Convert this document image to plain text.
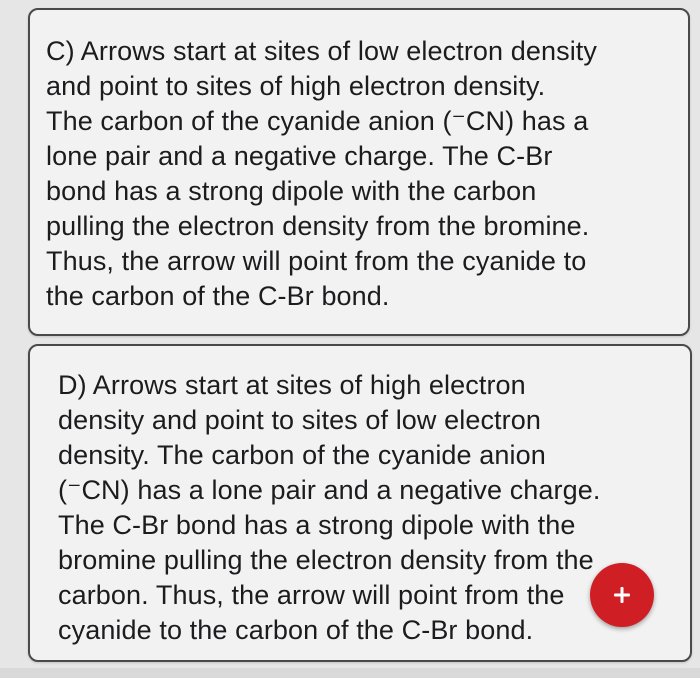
C) Arrows start at sites of low electron density
and point to sites of high electron density.
The carbon of the cyanide anion (⁻CN) has a
lone pair and a negative charge. The C-Br
bond has a strong dipole with the carbon
pulling the electron density from the bromine.
Thus, the arrow will point from the cyanide to
the carbon of the C-Br bond.

D) Arrows start at sites of high electron
density and point to sites of low electron
density. The carbon of the cyanide anion
(⁻CN) has a lone pair and a negative charge.
The C-Br bond has a strong dipole with the
bromine pulling the electron density from the
carbon. Thus, the arrow will point from the
cyanide to the carbon of the C-Br bond.
